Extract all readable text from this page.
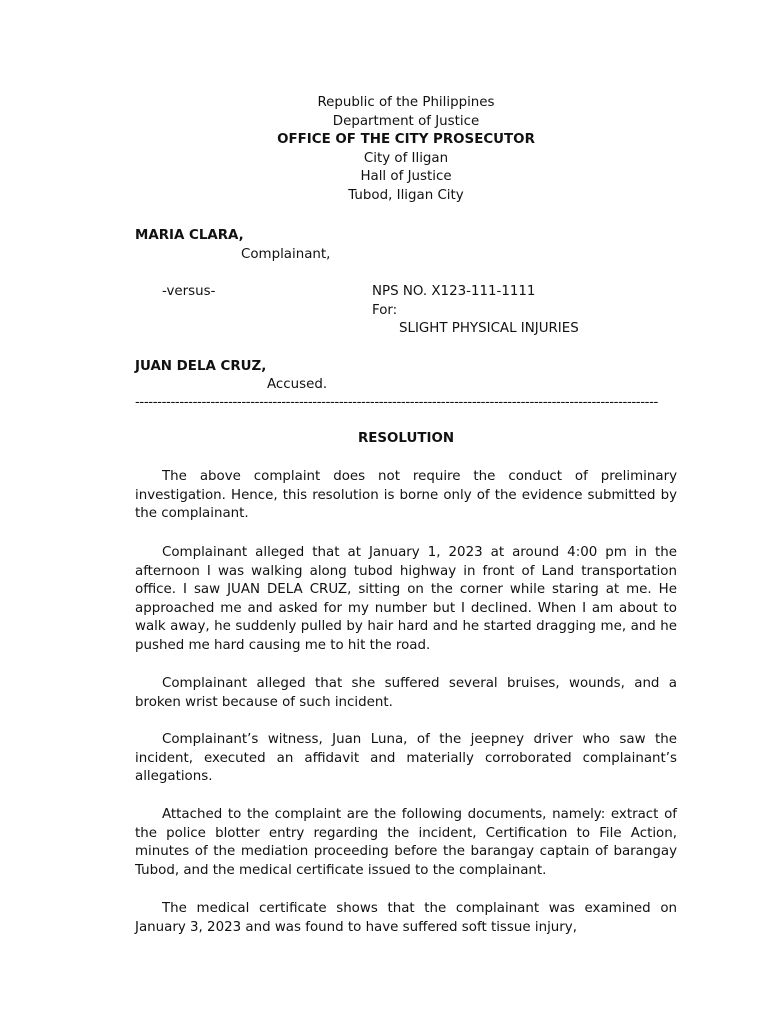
Republic of the Philippines
Department of Justice
OFFICE OF THE CITY PROSECUTOR
City of Iligan
Hall of Justice
Tubod, Iligan City
MARIA CLARA,
Complainant,
-versus-	NPS NO. X123-111-1111
For:
SLIGHT PHYSICAL INJURIES
JUAN DELA CRUZ,
Accused.
----------------------------------------------------------------------------------------------------------------------
RESOLUTION

The above complaint does not require the conduct of preliminary investigation. Hence, this resolution is borne only of the evidence submitted by the complainant.

Complainant alleged that at January 1, 2023 at around 4:00 pm in the afternoon I was walking along tubod highway in front of Land transportation office. I saw JUAN DELA CRUZ, sitting on the corner while staring at me. He approached me and asked for my number but I declined. When I am about to walk away, he suddenly pulled by hair hard and he started dragging me, and he pushed me hard causing me to hit the road.

Complainant alleged that she suffered several bruises, wounds, and a broken wrist because of such incident.

Complainant’s witness, Juan Luna, of the jeepney driver who saw the incident, executed an affidavit and materially corroborated complainant’s allegations.

Attached to the complaint are the following documents, namely: extract of the police blotter entry regarding the incident, Certification to File Action, minutes of the mediation proceeding before the barangay captain of barangay Tubod, and the medical certificate issued to the complainant.

The medical certificate shows that the complainant was examined on January 3, 2023 and was found to have suffered soft tissue injury,
